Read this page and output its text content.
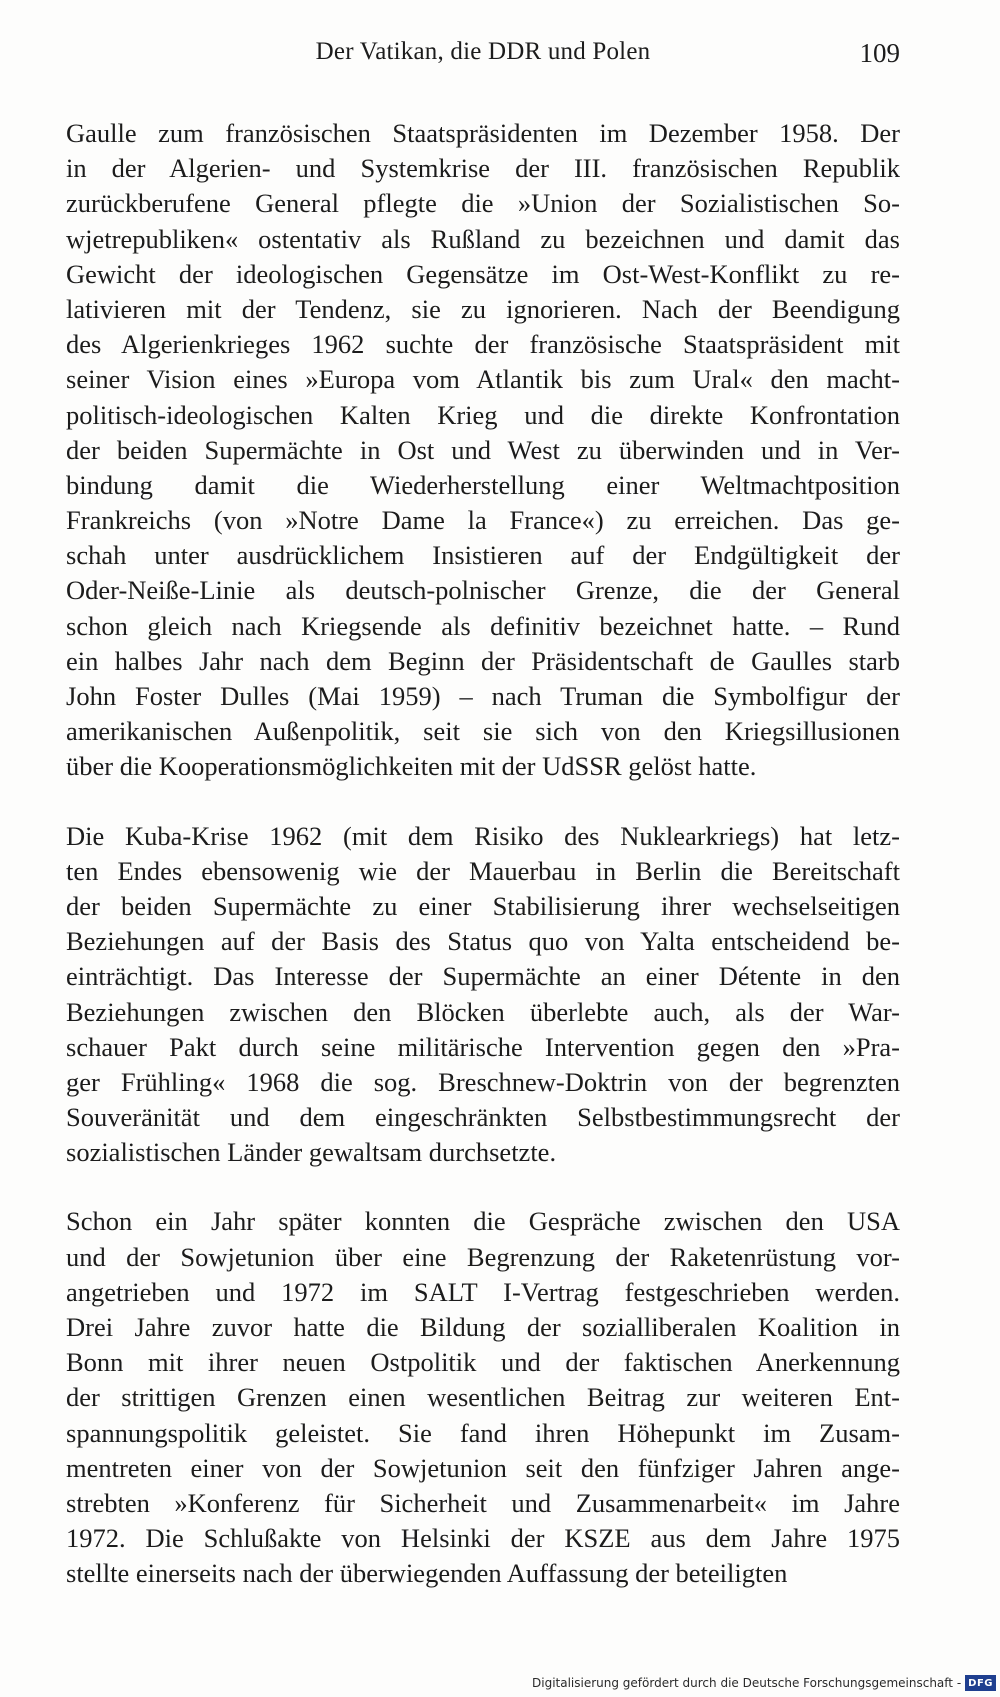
Der Vatikan, die DDR und Polen	109

Gaulle zum französischen Staatspräsidenten im Dezember 1958. Der
in der Algerien- und Systemkrise der III. französischen Republik
zurückberufene General pflegte die »Union der Sozialistischen So-
wjetrepubliken« ostentativ als Rußland zu bezeichnen und damit das
Gewicht der ideologischen Gegensätze im Ost-West-Konflikt zu re-
lativieren mit der Tendenz, sie zu ignorieren. Nach der Beendigung
des Algerienkrieges 1962 suchte der französische Staatspräsident mit
seiner Vision eines »Europa vom Atlantik bis zum Ural« den macht-
politisch-ideologischen Kalten Krieg und die direkte Konfrontation
der beiden Supermächte in Ost und West zu überwinden und in Ver-
bindung damit die Wiederherstellung einer Weltmachtposition
Frankreichs (von »Notre Dame la France«) zu erreichen. Das ge-
schah unter ausdrücklichem Insistieren auf der Endgültigkeit der
Oder-Neiße-Linie als deutsch-polnischer Grenze, die der General
schon gleich nach Kriegsende als definitiv bezeichnet hatte. – Rund
ein halbes Jahr nach dem Beginn der Präsidentschaft de Gaulles starb
John Foster Dulles (Mai 1959) – nach Truman die Symbolfigur der
amerikanischen Außenpolitik, seit sie sich von den Kriegsillusionen
über die Kooperationsmöglichkeiten mit der UdSSR gelöst hatte.

Die Kuba-Krise 1962 (mit dem Risiko des Nuklearkriegs) hat letz-
ten Endes ebensowenig wie der Mauerbau in Berlin die Bereitschaft
der beiden Supermächte zu einer Stabilisierung ihrer wechselseitigen
Beziehungen auf der Basis des Status quo von Yalta entscheidend be-
einträchtigt. Das Interesse der Supermächte an einer Détente in den
Beziehungen zwischen den Blöcken überlebte auch, als der War-
schauer Pakt durch seine militärische Intervention gegen den »Pra-
ger Frühling« 1968 die sog. Breschnew-Doktrin von der begrenzten
Souveränität und dem eingeschränkten Selbstbestimmungsrecht der
sozialistischen Länder gewaltsam durchsetzte.

Schon ein Jahr später konnten die Gespräche zwischen den USA
und der Sowjetunion über eine Begrenzung der Raketenrüstung vor-
angetrieben und 1972 im SALT I-Vertrag festgeschrieben werden.
Drei Jahre zuvor hatte die Bildung der sozialliberalen Koalition in
Bonn mit ihrer neuen Ostpolitik und der faktischen Anerkennung
der strittigen Grenzen einen wesentlichen Beitrag zur weiteren Ent-
spannungspolitik geleistet. Sie fand ihren Höhepunkt im Zusam-
mentreten einer von der Sowjetunion seit den fünfziger Jahren ange-
strebten »Konferenz für Sicherheit und Zusammenarbeit« im Jahre
1972. Die Schlußakte von Helsinki der KSZE aus dem Jahre 1975
stellte einerseits nach der überwiegenden Auffassung der beteiligten

Digitalisierung gefördert durch die Deutsche Forschungsgemeinschaft - DFG
